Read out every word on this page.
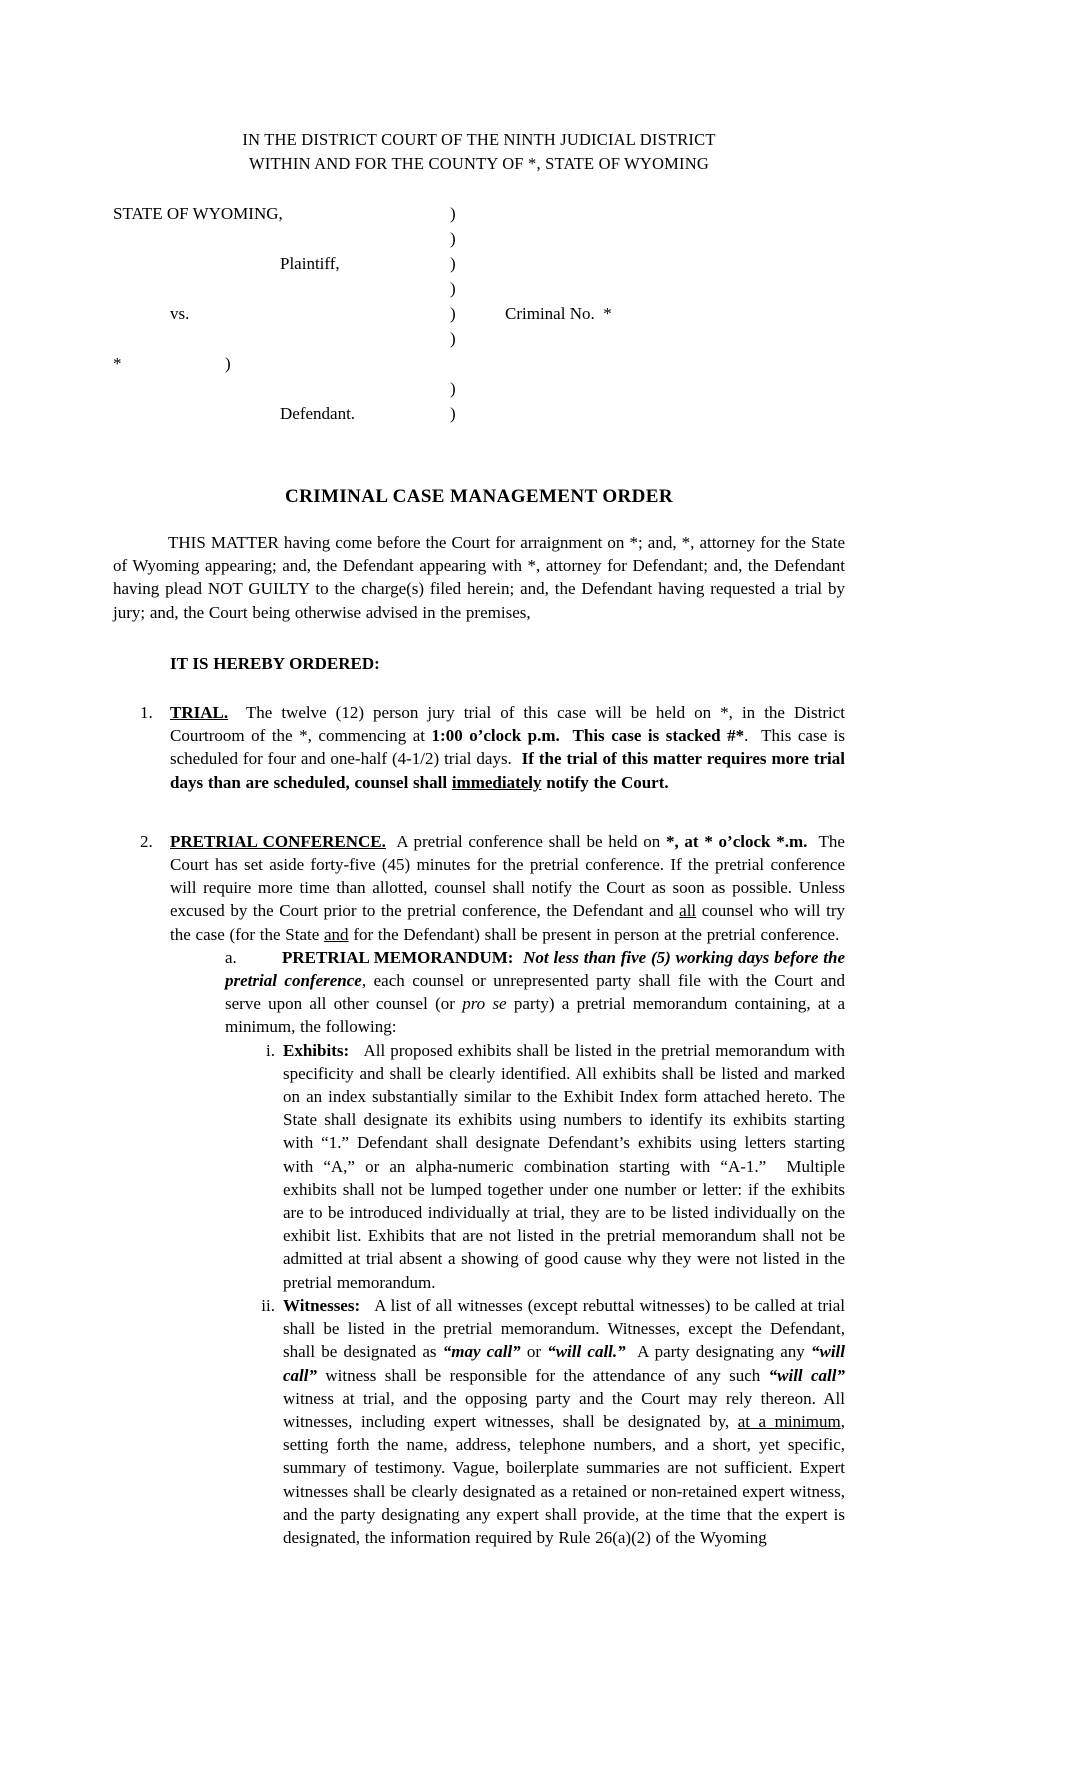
IN THE DISTRICT COURT OF THE NINTH JUDICIAL DISTRICT
WITHIN AND FOR THE COUNTY OF *, STATE OF WYOMING
STATE OF WYOMING,	)
)
Plaintiff,	)
)
vs.	)	Criminal No.  *
)
*	)
)
Defendant.	)
CRIMINAL CASE MANAGEMENT ORDER

THIS MATTER having come before the Court for arraignment on *; and, *, attorney for the State of Wyoming appearing; and, the Defendant appearing with *, attorney for Defendant; and, the Defendant having plead NOT GUILTY to the charge(s) filed herein; and, the Defendant having requested a trial by jury; and, the Court being otherwise advised in the premises,

IT IS HEREBY ORDERED:

1. TRIAL.  The twelve (12) person jury trial of this case will be held on *, in the District Courtroom of the *, commencing at 1:00 o’clock p.m.  This case is stacked #*.  This case is scheduled for four and one-half (4-1/2) trial days.  If the trial of this matter requires more trial days than are scheduled, counsel shall immediately notify the Court.
2. PRETRIAL CONFERENCE.  A pretrial conference shall be held on *, at * o’clock *.m.  The Court has set aside forty-five (45) minutes for the pretrial conference. If the pretrial conference will require more time than allotted, counsel shall notify the Court as soon as possible. Unless excused by the Court prior to the pretrial conference, the Defendant and all counsel who will try the case (for the State and for the Defendant) shall be present in person at the pretrial conference.
a.	PRETRIAL MEMORANDUM:  Not less than five (5) working days before the pretrial conference, each counsel or unrepresented party shall file with the Court and serve upon all other counsel (or pro se party) a pretrial memorandum containing, at a minimum, the following:
i. Exhibits:   All proposed exhibits shall be listed in the pretrial memorandum with specificity and shall be clearly identified. All exhibits shall be listed and marked on an index substantially similar to the Exhibit Index form attached hereto. The State shall designate its exhibits using numbers to identify its exhibits starting with “1.” Defendant shall designate Defendant’s exhibits using letters starting with “A,” or an alpha-numeric combination starting with “A-1.”  Multiple exhibits shall not be lumped together under one number or letter: if the exhibits are to be introduced individually at trial, they are to be listed individually on the exhibit list. Exhibits that are not listed in the pretrial memorandum shall not be admitted at trial absent a showing of good cause why they were not listed in the pretrial memorandum.
ii. Witnesses:   A list of all witnesses (except rebuttal witnesses) to be called at trial shall be listed in the pretrial memorandum. Witnesses, except the Defendant, shall be designated as “may call” or “will call.”  A party designating any “will call” witness shall be responsible for the attendance of any such “will call” witness at trial, and the opposing party and the Court may rely thereon. All witnesses, including expert witnesses, shall be designated by, at a minimum, setting forth the name, address, telephone numbers, and a short, yet specific, summary of testimony. Vague, boilerplate summaries are not sufficient. Expert witnesses shall be clearly designated as a retained or non-retained expert witness, and the party designating any expert shall provide, at the time that the expert is designated, the information required by Rule 26(a)(2) of the Wyoming
